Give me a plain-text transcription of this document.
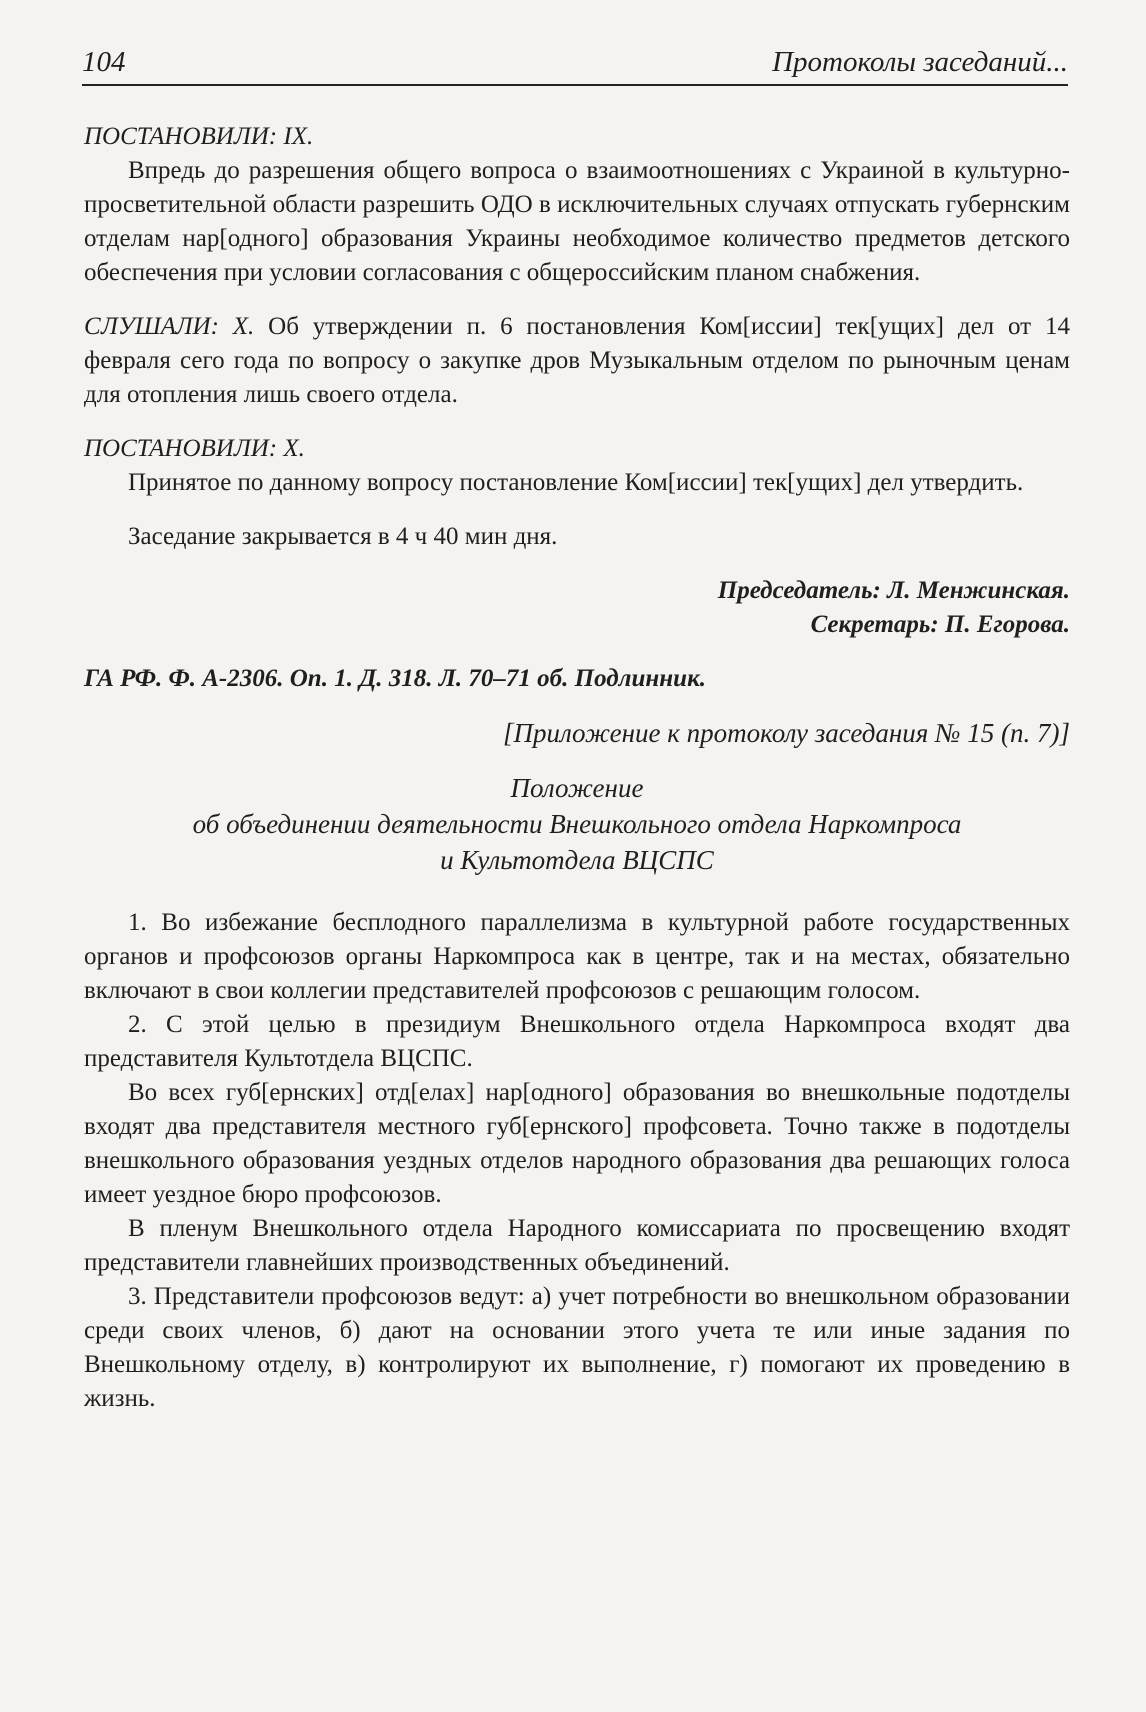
104	Протоколы заседаний...

ПОСТАНОВИЛИ: IX.

Впредь до разрешения общего вопроса о взаимоотношениях с Украиной в культурно-просветительной области разрешить ОДО в исключительных случаях отпускать губернским отделам нар[одного] образования Украины необходимое количество предметов детского обеспечения при условии согласования с общероссийским планом снабжения.

СЛУШАЛИ: X. Об утверждении п. 6 постановления Ком[иссии] тек[ущих] дел от 14 февраля сего года по вопросу о закупке дров Музыкальным отделом по рыночным ценам для отопления лишь своего отдела.

ПОСТАНОВИЛИ: X.

Принятое по данному вопросу постановление Ком[иссии] тек[ущих] дел утвердить.

Заседание закрывается в 4 ч 40 мин дня.

Председатель: Л. Менжинская.

Секретарь: П. Егорова.

ГА РФ. Ф. А-2306. Оп. 1. Д. 318. Л. 70–71 об. Подлинник.

[Приложение к протоколу заседания № 15 (п. 7)]

Положение
об объединении деятельности Внешкольного отдела Наркомпроса
и Культотдела ВЦСПС

1. Во избежание бесплодного параллелизма в культурной работе государственных органов и профсоюзов органы Наркомпроса как в центре, так и на местах, обязательно включают в свои коллегии представителей профсоюзов с решающим голосом.

2. С этой целью в президиум Внешкольного отдела Наркомпроса входят два представителя Культотдела ВЦСПС.

Во всех губ[ернских] отд[елах] нар[одного] образования во внешкольные подотделы входят два представителя местного губ[ернского] профсовета. Точно также в подотделы внешкольного образования уездных отделов народного образования два решающих голоса имеет уездное бюро профсоюзов.

В пленум Внешкольного отдела Народного комиссариата по просвещению входят представители главнейших производственных объединений.

3. Представители профсоюзов ведут: а) учет потребности во внешкольном образовании среди своих членов, б) дают на основании этого учета те или иные задания по Внешкольному отделу, в) контролируют их выполнение, г) помогают их проведению в жизнь.
